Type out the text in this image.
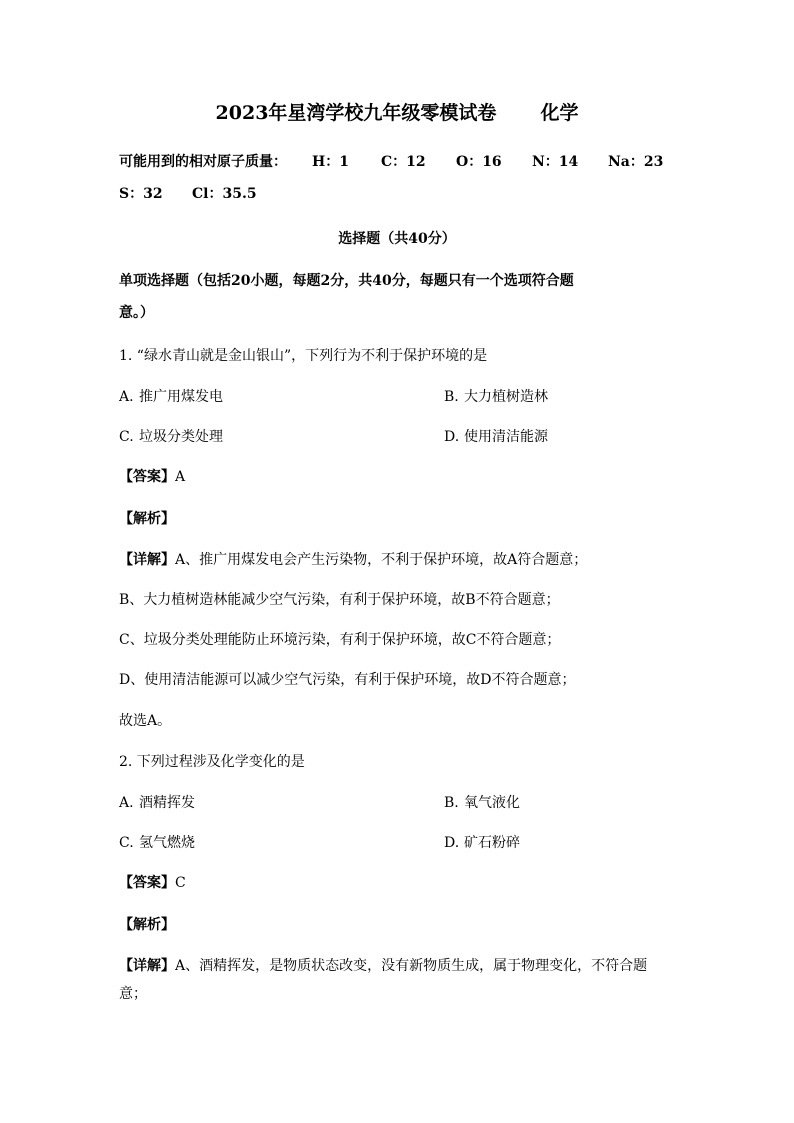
2023年星湾学校九年级零模试卷 化学
可能用到的相对原子质量： H：1 C：12 O：16 N：14 Na：23
S：32 Cl：35.5
选择题（共40分）
单项选择题（包括20小题，每题2分，共40分，每题只有一个选项符合题
意。）
1. “绿水青山就是金山银山”，下列行为不利于保护环境的是
A. 推广用煤发电	B. 大力植树造林
C. 垃圾分类处理	D. 使用清洁能源
【答案】A
【解析】
【详解】A、推广用煤发电会产生污染物，不利于保护环境，故A符合题意；
B、大力植树造林能减少空气污染，有利于保护环境，故B不符合题意；
C、垃圾分类处理能防止环境污染，有利于保护环境，故C不符合题意；
D、使用清洁能源可以减少空气污染，有利于保护环境，故D不符合题意；
故选A。
2. 下列过程涉及化学变化的是
A. 酒精挥发	B. 氧气液化
C. 氢气燃烧	D. 矿石粉碎
【答案】C
【解析】
【详解】A、酒精挥发，是物质状态改变，没有新物质生成，属于物理变化，不符合题
意；
